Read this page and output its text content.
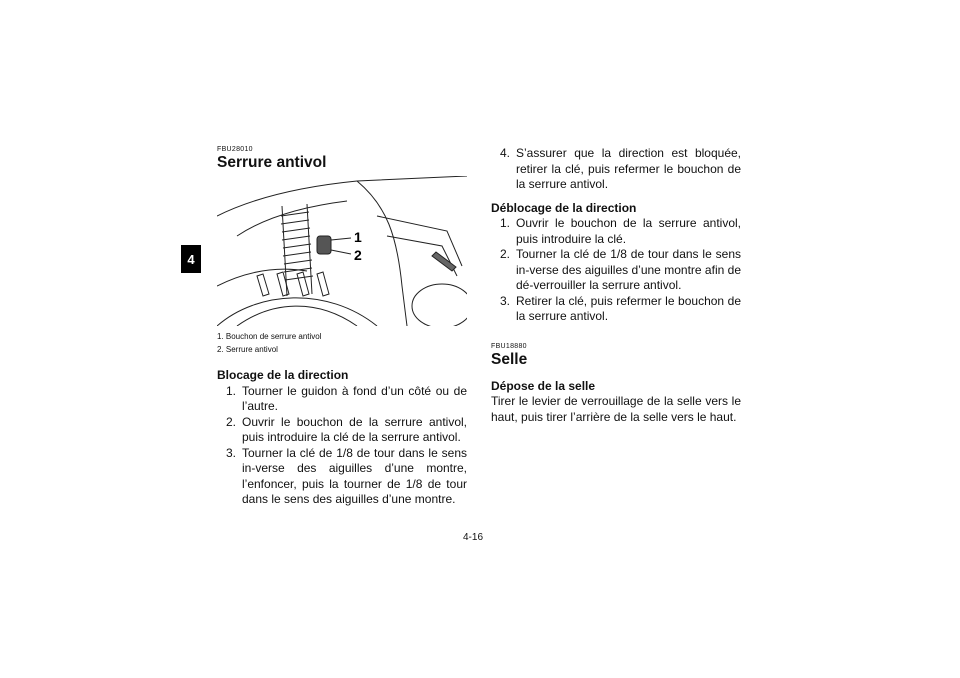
4

FBU28010

Serrure antivol

1
2
1. Bouchon de serrure antivol
2. Serrure antivol

Blocage de la direction

1. Tourner le guidon à fond d’un côté ou de l’autre.
2. Ouvrir le bouchon de la serrure antivol, puis introduire la clé de la serrure antivol.
3. Tourner la clé de 1/8 de tour dans le sens in-verse des aiguilles d’une montre, l’enfoncer, puis la tourner de 1/8 de tour dans le sens des aiguilles d’une montre.
4. S’assurer que la direction est bloquée, retirer la clé, puis refermer le bouchon de la serrure antivol.

Déblocage de la direction

1. Ouvrir le bouchon de la serrure antivol, puis introduire la clé.
2. Tourner la clé de 1/8 de tour dans le sens in-verse des aiguilles d’une montre afin de dé-verrouiller la serrure antivol.
3. Retirer la clé, puis refermer le bouchon de la serrure antivol.

FBU18880

Selle

Dépose de la selle

Tirer le levier de verrouillage de la selle vers le haut, puis tirer l’arrière de la selle vers le haut.

4-16
